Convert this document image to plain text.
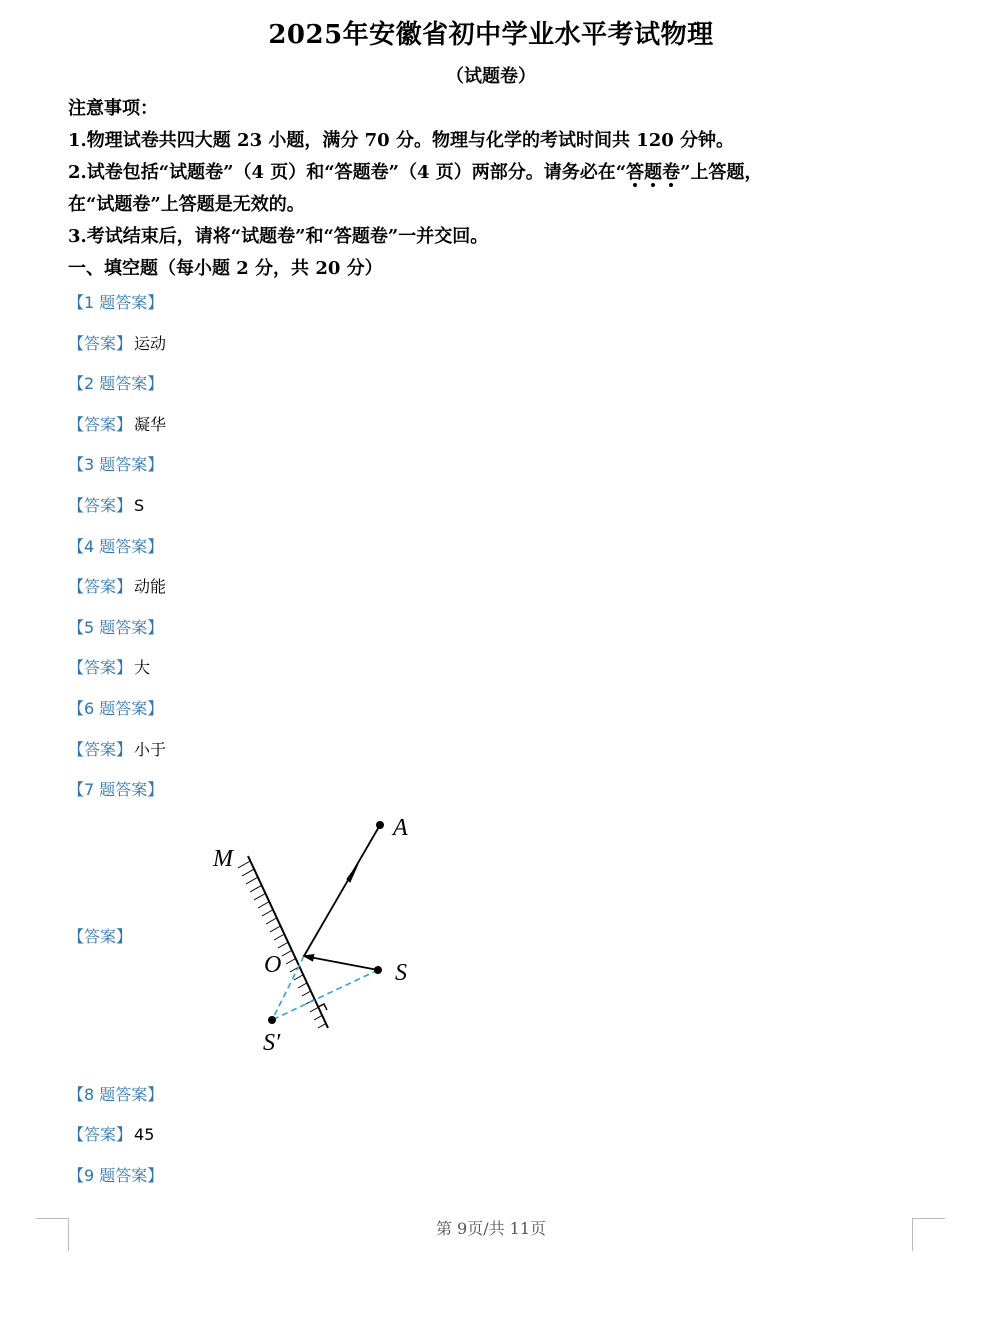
2025年安徽省初中学业水平考试物理
（试题卷）
注意事项：
1.物理试卷共四大题 23 小题，满分 70 分。物理与化学的考试时间共 120 分钟。
2.试卷包括“试题卷”（4 页）和“答题卷”（4 页）两部分。请务必在“答题卷
”上答题，
在“试题卷”上答题是无效的。
3.考试结束后，请将“试题卷”和“答题卷”一并交回。
一、填空题（每小题 2 分，共 20 分）
【1 题答案】
【答案】 运动
【2 题答案】
【答案】 凝华
【3 题答案】
【答案】 S
【4 题答案】
【答案】 动能
【5 题答案】
【答案】 大
【6 题答案】
【答案】 小于
【7 题答案】
【答案】
M
A
O	S
S′
【8 题答案】
【答案】 45
【9 题答案】
第 9页/共 11页
